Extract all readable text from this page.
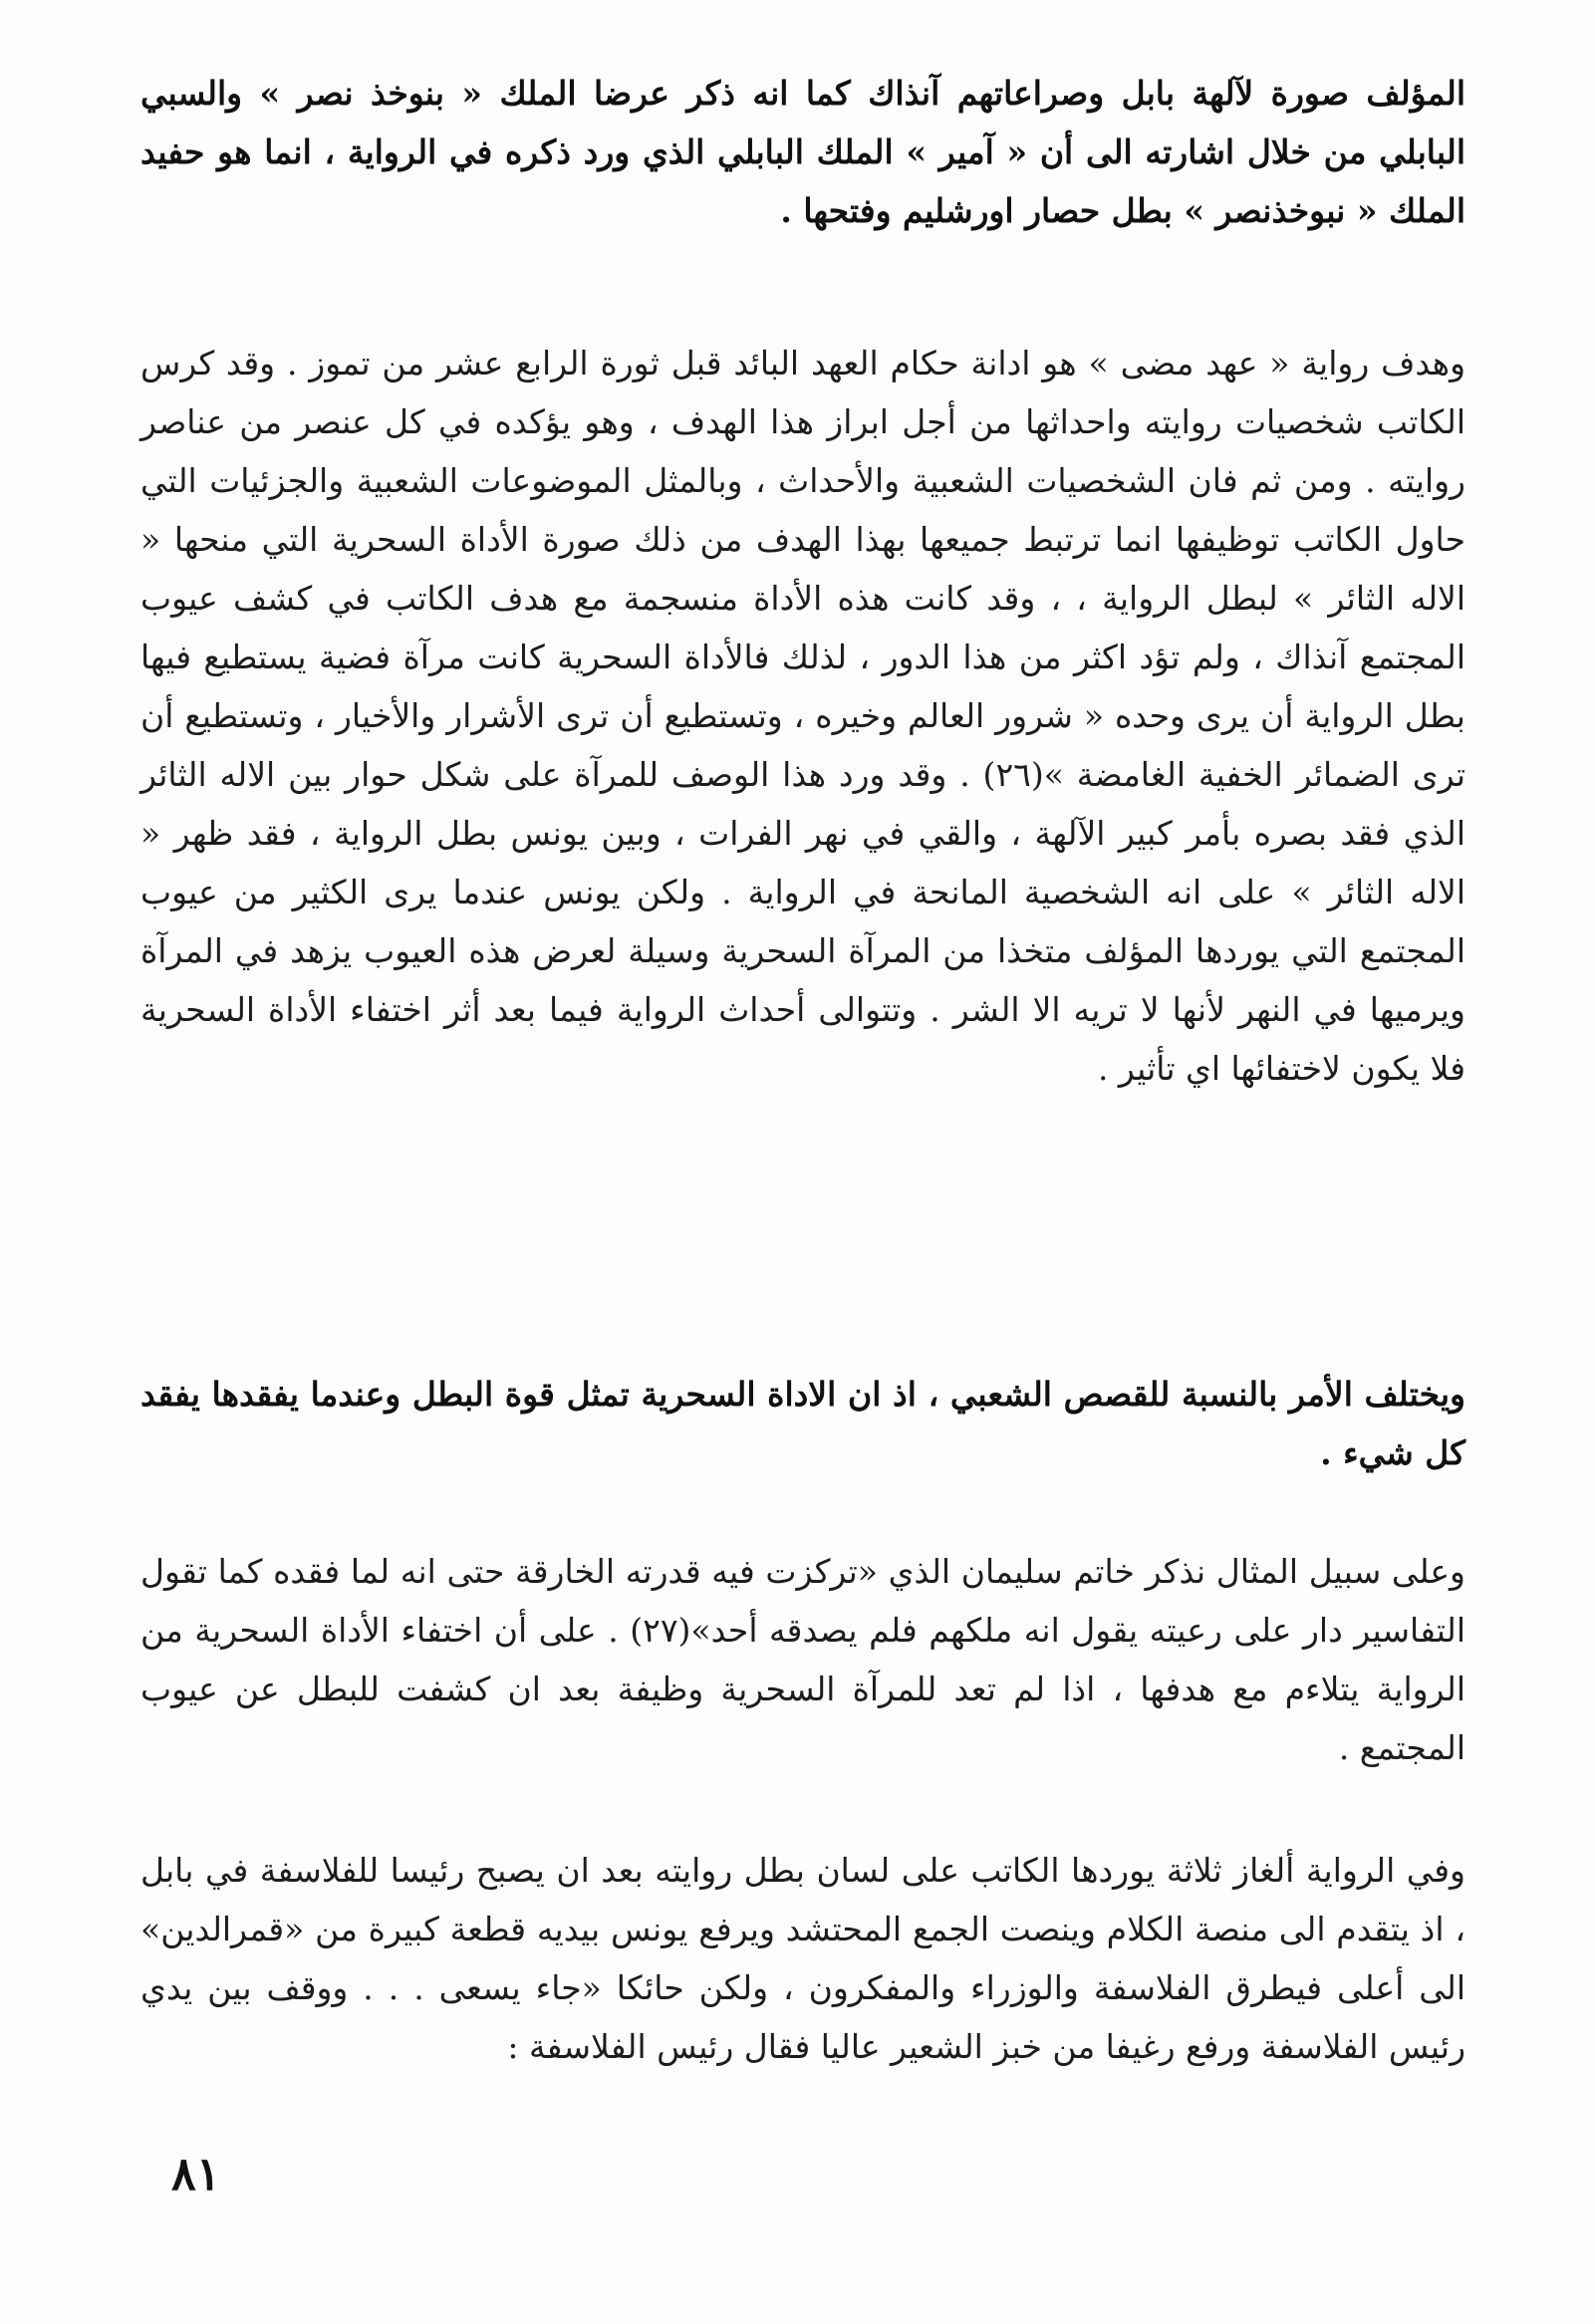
المؤلف صورة لآلهة بابل وصراعاتهم آنذاك كما انه ذكر عرضا الملك « بنوخذ نصر » والسبي البابلي من خلال اشارته الى أن « آمير » الملك البابلي الذي ورد ذكره في الرواية ، انما هو حفيد الملك « نبوخذنصر » بطل حصار اورشليم وفتحها .

وهدف رواية « عهد مضى » هو ادانة حكام العهد البائد قبل ثورة الرابع عشر من تموز . وقد كرس الكاتب شخصيات روايته واحداثها من أجل ابراز هذا الهدف ، وهو يؤكده في كل عنصر من عناصر روايته . ومن ثم فان الشخصيات الشعبية والأحداث ، وبالمثل الموضوعات الشعبية والجزئيات التي حاول الكاتب توظيفها انما ترتبط جميعها بهذا الهدف من ذلك صورة الأداة السحرية التي منحها « الاله الثائر » لبطل الرواية ، ، وقد كانت هذه الأداة منسجمة مع هدف الكاتب في كشف عيوب المجتمع آنذاك ، ولم تؤد اكثر من هذا الدور ، لذلك فالأداة السحرية كانت مرآة فضية يستطيع فيها بطل الرواية أن يرى وحده « شرور العالم وخيره ، وتستطيع أن ترى الأشرار والأخيار ، وتستطيع أن ترى الضمائر الخفية الغامضة »(٢٦) . وقد ورد هذا الوصف للمرآة على شكل حوار بين الاله الثائر الذي فقد بصره بأمر كبير الآلهة ، والقي في نهر الفرات ، وبين يونس بطل الرواية ، فقد ظهر « الاله الثائر » على انه الشخصية المانحة في الرواية . ولكن يونس عندما يرى الكثير من عيوب المجتمع التي يوردها المؤلف متخذا من المرآة السحرية وسيلة لعرض هذه العيوب يزهد في المرآة ويرميها في النهر لأنها لا تريه الا الشر . وتتوالى أحداث الرواية فيما بعد أثر اختفاء الأداة السحرية فلا يكون لاختفائها اي تأثير .

ويختلف الأمر بالنسبة للقصص الشعبي ، اذ ان الاداة السحرية تمثل قوة البطل وعندما يفقدها يفقد كل شيء .

وعلى سبيل المثال نذكر خاتم سليمان الذي «تركزت فيه قدرته الخارقة حتى انه لما فقده كما تقول التفاسير دار على رعيته يقول انه ملكهم فلم يصدقه أحد»(٢٧) . على أن اختفاء الأداة السحرية من الرواية يتلاءم مع هدفها ، اذا لم تعد للمرآة السحرية وظيفة بعد ان كشفت للبطل عن عيوب المجتمع .

وفي الرواية ألغاز ثلاثة يوردها الكاتب على لسان بطل روايته بعد ان يصبح رئيسا للفلاسفة في بابل ، اذ يتقدم الى منصة الكلام وينصت الجمع المحتشد ويرفع يونس بيديه قطعة كبيرة من «قمرالدين» الى أعلى فيطرق الفلاسفة والوزراء والمفكرون ، ولكن حائكا «جاء يسعى . . . ووقف بين يدي رئيس الفلاسفة ورفع رغيفا من خبز الشعير عاليا فقال رئيس الفلاسفة :

٨١
